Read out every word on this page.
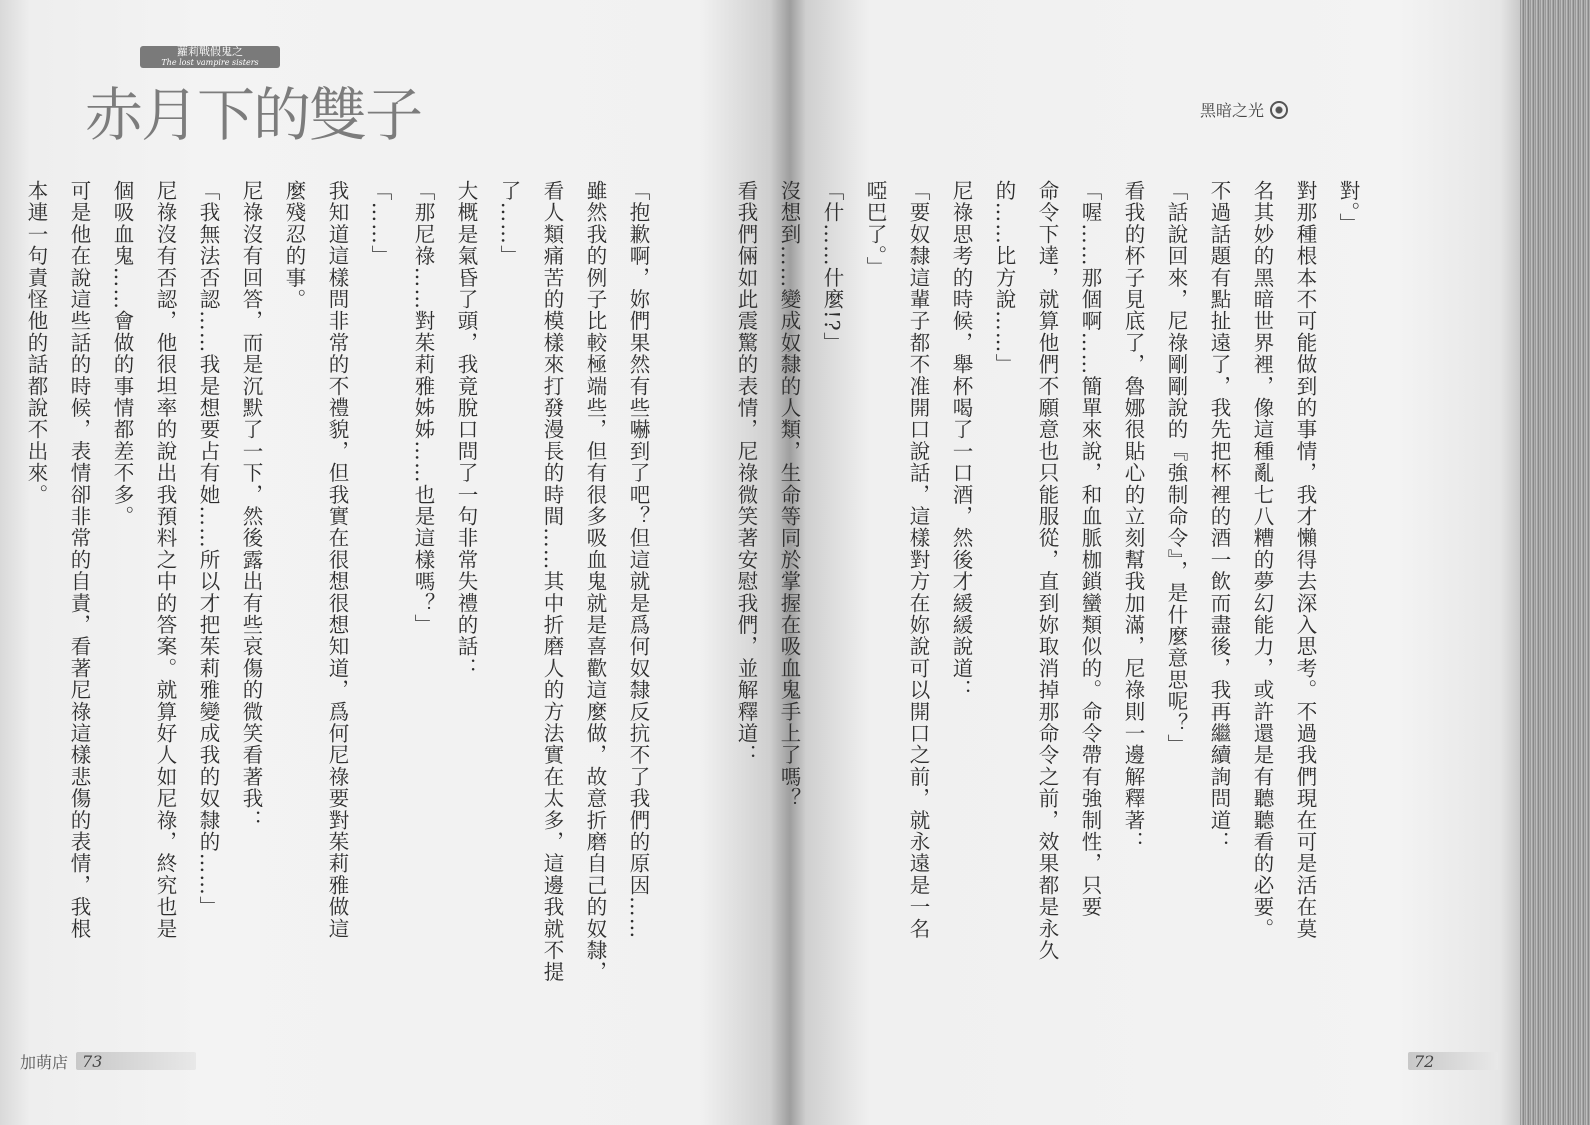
蘿莉戰假鬼之
The lost vampire sisters
赤月下的雙子
「抱歉啊，妳們果然有些嚇到了吧？但這就是爲何奴隸反抗不了我們的原因……
雖然我的例子比較極端些，但有很多吸血鬼就是喜歡這麼做，故意折磨自己的奴隸，
看人類痛苦的模樣來打發漫長的時間……其中折磨人的方法實在太多，這邊我就不提
了……」
大概是氣昏了頭，我竟脫口問了一句非常失禮的話：
「那尼祿……對茱莉雅姊姊……也是這樣嗎？」
「……」
我知道這樣問非常的不禮貌，但我實在很想很想知道，爲何尼祿要對茱莉雅做這
麼殘忍的事。
尼祿沒有回答，而是沉默了一下，然後露出有些哀傷的微笑看著我：
「我無法否認……我是想要占有她……所以才把茱莉雅變成我的奴隸的……」
尼祿沒有否認，他很坦率的說出我預料之中的答案。就算好人如尼祿，終究也是
個吸血鬼……會做的事情都差不多。
可是他在說這些話的時候，表情卻非常的自責，看著尼祿這樣悲傷的表情，我根
本連一句責怪他的話都說不出來。
加萌店 73
黑暗之光
對。」
對那種根本不可能做到的事情，我才懶得去深入思考。不過我們現在可是活在莫
名其妙的黑暗世界裡，像這種亂七八糟的夢幻能力，或許還是有聽聽看的必要。
不過話題有點扯遠了，我先把杯裡的酒一飲而盡後，我再繼續詢問道：
「話說回來，尼祿剛剛說的『強制命令』，是什麼意思呢？」
看我的杯子見底了，魯娜很貼心的立刻幫我加滿，尼祿則一邊解釋著：
「喔……那個啊……簡單來說，和血脈枷鎖蠻類似的。命令帶有強制性，只要
命令下達，就算他們不願意也只能服從，直到妳取消掉那命令之前，效果都是永久
的……比方說……」
尼祿思考的時候，舉杯喝了一口酒，然後才緩緩說道：
「要奴隸這輩子都不准開口說話，這樣對方在妳說可以開口之前，就永遠是一名
啞巴了。」
「什……什麼!?」
沒想到……變成奴隸的人類，生命等同於掌握在吸血鬼手上了嗎？
看我們倆如此震驚的表情，尼祿微笑著安慰我們，並解釋道：
72
